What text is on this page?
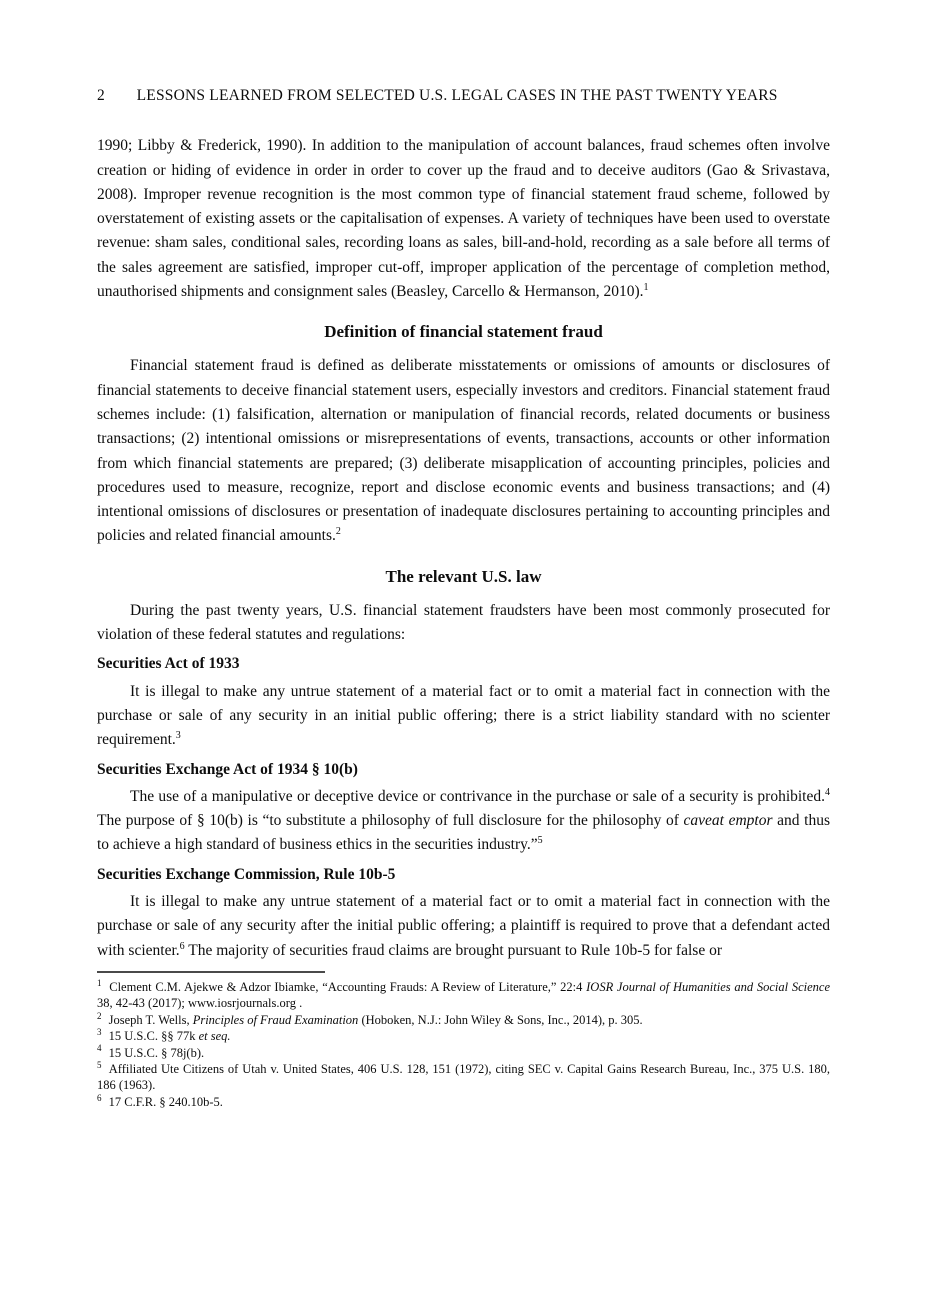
2 LESSONS LEARNED FROM SELECTED U.S. LEGAL CASES IN THE PAST TWENTY YEARS

1990; Libby & Frederick, 1990). In addition to the manipulation of account balances, fraud schemes often involve creation or hiding of evidence in order in order to cover up the fraud and to deceive auditors (Gao & Srivastava, 2008). Improper revenue recognition is the most common type of financial statement fraud scheme, followed by overstatement of existing assets or the capitalisation of expenses. A variety of techniques have been used to overstate revenue: sham sales, conditional sales, recording loans as sales, bill-and-hold, recording as a sale before all terms of the sales agreement are satisfied, improper cut-off, improper application of the percentage of completion method, unauthorised shipments and consignment sales (Beasley, Carcello & Hermanson, 2010).$^1$

Definition of financial statement fraud

Financial statement fraud is defined as deliberate misstatements or omissions of amounts or disclosures of financial statements to deceive financial statement users, especially investors and creditors. Financial statement fraud schemes include: (1) falsification, alternation or manipulation of financial records, related documents or business transactions; (2) intentional omissions or misrepresentations of events, transactions, accounts or other information from which financial statements are prepared; (3) deliberate misapplication of accounting principles, policies and procedures used to measure, recognize, report and disclose economic events and business transactions; and (4) intentional omissions of disclosures or presentation of inadequate disclosures pertaining to accounting principles and policies and related financial amounts.$^2$

The relevant U.S. law

During the past twenty years, U.S. financial statement fraudsters have been most commonly prosecuted for violation of these federal statutes and regulations:

Securities Act of 1933

It is illegal to make any untrue statement of a material fact or to omit a material fact in connection with the purchase or sale of any security in an initial public offering; there is a strict liability standard with no scienter requirement.$^3$

Securities Exchange Act of 1934 § 10(b)

The use of a manipulative or deceptive device or contrivance in the purchase or sale of a security is prohibited.$^4$ The purpose of § 10(b) is “to substitute a philosophy of full disclosure for the philosophy of caveat emptor and thus to achieve a high standard of business ethics in the securities industry.”$^5$

Securities Exchange Commission, Rule 10b-5

It is illegal to make any untrue statement of a material fact or to omit a material fact in connection with the purchase or sale of any security after the initial public offering; a plaintiff is required to prove that a defendant acted with scienter.$^6$ The majority of securities fraud claims are brought pursuant to Rule 10b-5 for false or

$^1$ Clement C.M. Ajekwe & Adzor Ibiamke, “Accounting Frauds: A Review of Literature,” 22:4 IOSR Journal of Humanities and Social Science 38, 42-43 (2017); www.iosrjournals.org .

$^2$ Joseph T. Wells, Principles of Fraud Examination (Hoboken, N.J.: John Wiley & Sons, Inc., 2014), p. 305.

$^3$ 15 U.S.C. §§ 77k et seq.

$^4$ 15 U.S.C. § 78j(b).

$^5$ Affiliated Ute Citizens of Utah v. United States, 406 U.S. 128, 151 (1972), citing SEC v. Capital Gains Research Bureau, Inc., 375 U.S. 180, 186 (1963).

$^6$ 17 C.F.R. § 240.10b-5.
